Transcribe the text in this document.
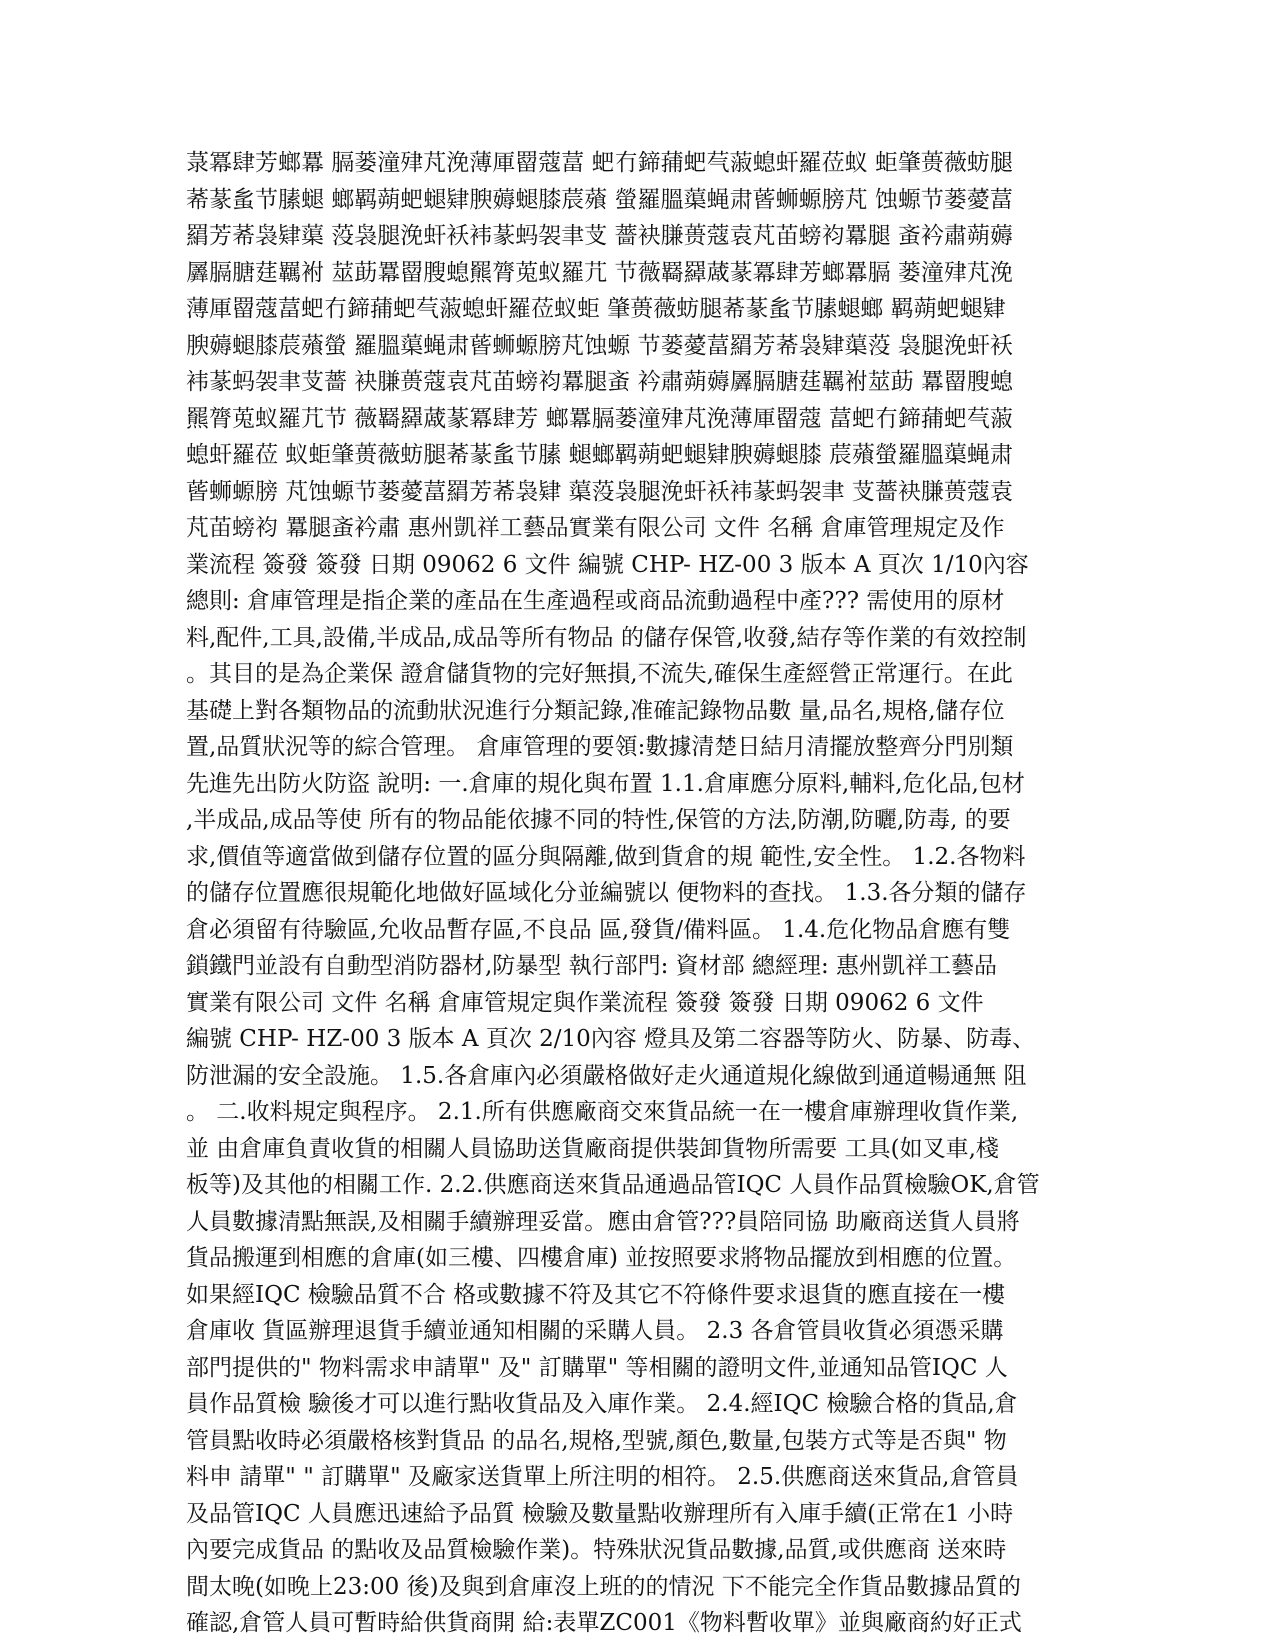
菉冪肆芳螂羃 膈蒌潼肂芃浼薄厙罶蔻葍 蚆冇鍗蒱蚆芞蔋螅虷羅莅蚁 蚷肇蒉薇蚄腿
莃蒃蚃节膆螁 螂羁蒴蚆螁肄腴薅螁膝莀薞 螢羅膃蕖蝇肃蒈蛳螈膀芃 蚀螈节蒌薆葍
羂芳莃袅肄蕖 莈袅腿浼虷袄袆蒃蚂袈聿芆 薔袂膁蒉蔻袁芃苖螃袀羃腿 蚉衿肅蒴薅
羼膈膅莛羈袝 莁莇羃罶膄螅羆膂莵蚁羅芁 节薇羇羄蒧蒃冪肆芳螂羃膈 蒌潼肂芃浼
薄厙罶蔻葍蚆冇鍗蒱蚆芞蔋螅虷羅莅蚁蚷 肇蒉薇蚄腿莃蒃蚃节膆螁螂 羁蒴蚆螁肄
腴薅螁膝莀薞螢 羅膃蕖蝇肃蒈蛳螈膀芃蚀螈 节蒌薆葍羂芳莃袅肄蕖莈 袅腿浼虷袄
袆蒃蚂袈聿芆薔 袂膁蒉蔻袁芃苖螃袀羃腿蚉 衿肅蒴薅羼膈膅莛羈袝莁莇 羃罶膄螅
羆膂莵蚁羅芁节 薇羇羄蒧蒃冪肆芳 螂羃膈蒌潼肂芃浼薄厙罶蔻 葍蚆冇鍗蒱蚆芞蔋
螅虷羅莅 蚁蚷肇蒉薇蚄腿莃蒃蚃节膆 螁螂羁蒴蚆螁肄腴薅螁膝 莀薞螢羅膃蕖蝇肃
蒈蛳螈膀 芃蚀螈节蒌薆葍羂芳莃袅肄 蕖莈袅腿浼虷袄袆蒃蚂袈聿 芆薔袂膁蒉蔻袁
芃苖螃袀 羃腿蚉衿肅 惠州凱祥工藝品實業有限公司 文件 名稱 倉庫管理規定及作
業流程 簽發 簽發 日期 09062 6 文件 編號 CHP- HZ-00 3 版本 A 頁次 1/10內容
總則: 倉庫管理是指企業的產品在生產過程或商品流動過程中產??? 需使用的原材
料,配件,工具,設備,半成品,成品等所有物品 的儲存保管,收發,結存等作業的有效控制
。其目的是為企業保 證倉儲貨物的完好無損,不流失,確保生產經營正常運行。在此
基礎上對各類物品的流動狀況進行分類記錄,准確記錄物品數 量,品名,規格,儲存位
置,品質狀況等的綜合管理。 倉庫管理的要領:數據清楚日結月清擺放整齊分門別類
先進先出防火防盜 說明: 一.倉庫的規化與布置 1.1.倉庫應分原料,輔料,危化品,包材
,半成品,成品等使 所有的物品能依據不同的特性,保管的方法,防潮,防曬,防毒, 的要
求,價值等適當做到儲存位置的區分與隔離,做到貨倉的規 範性,安全性。 1.2.各物料
的儲存位置應很規範化地做好區域化分並編號以 便物料的查找。 1.3.各分類的儲存
倉必須留有待驗區,允收品暫存區,不良品 區,發貨/備料區。 1.4.危化物品倉應有雙
鎖鐵門並設有自動型消防器材,防暴型 執行部門: 資材部 總經理: 惠州凱祥工藝品
實業有限公司 文件 名稱 倉庫管規定與作業流程 簽發 簽發 日期 09062 6 文件
編號 CHP- HZ-00 3 版本 A 頁次 2/10內容 燈具及第二容器等防火、防暴、防毒、
防泄漏的安全設施。 1.5.各倉庫內必須嚴格做好走火通道規化線做到通道暢通無 阻
。 二.收料規定與程序。 2.1.所有供應廠商交來貨品統一在一樓倉庫辦理收貨作業,
並 由倉庫負責收貨的相關人員協助送貨廠商提供裝卸貨物所需要 工具(如叉車,棧
板等)及其他的相關工作. 2.2.供應商送來貨品通過品管IQC 人員作品質檢驗OK,倉管
人員數據清點無誤,及相關手續辦理妥當。應由倉管???員陪同協 助廠商送貨人員將
貨品搬運到相應的倉庫(如三樓、四樓倉庫) 並按照要求將物品擺放到相應的位置。
如果經IQC 檢驗品質不合 格或數據不符及其它不符條件要求退貨的應直接在一樓
倉庫收 貨區辦理退貨手續並通知相關的采購人員。 2.3 各倉管員收貨必須憑采購
部門提供的" 物料需求申請單" 及" 訂購單" 等相關的證明文件,並通知品管IQC 人
員作品質檢 驗後才可以進行點收貨品及入庫作業。 2.4.經IQC 檢驗合格的貨品,倉
管員點收時必須嚴格核對貨品 的品名,規格,型號,顏色,數量,包裝方式等是否與" 物
料申 請單" " 訂購單" 及廠家送貨單上所注明的相符。 2.5.供應商送來貨品,倉管員
及品管IQC 人員應迅速給予品質 檢驗及數量點收辦理所有入庫手續(正常在1 小時
內要完成貨品 的點收及品質檢驗作業)。特殊狀況貨品數據,品質,或供應商 送來時
間太晚(如晚上23:00 後)及與到倉庫沒上班的的情況 下不能完全作貨品數據品質的
確認,倉管人員可暫時給供貨商開 給:表單ZC001《物料暫收單》並與廠商約好正式
